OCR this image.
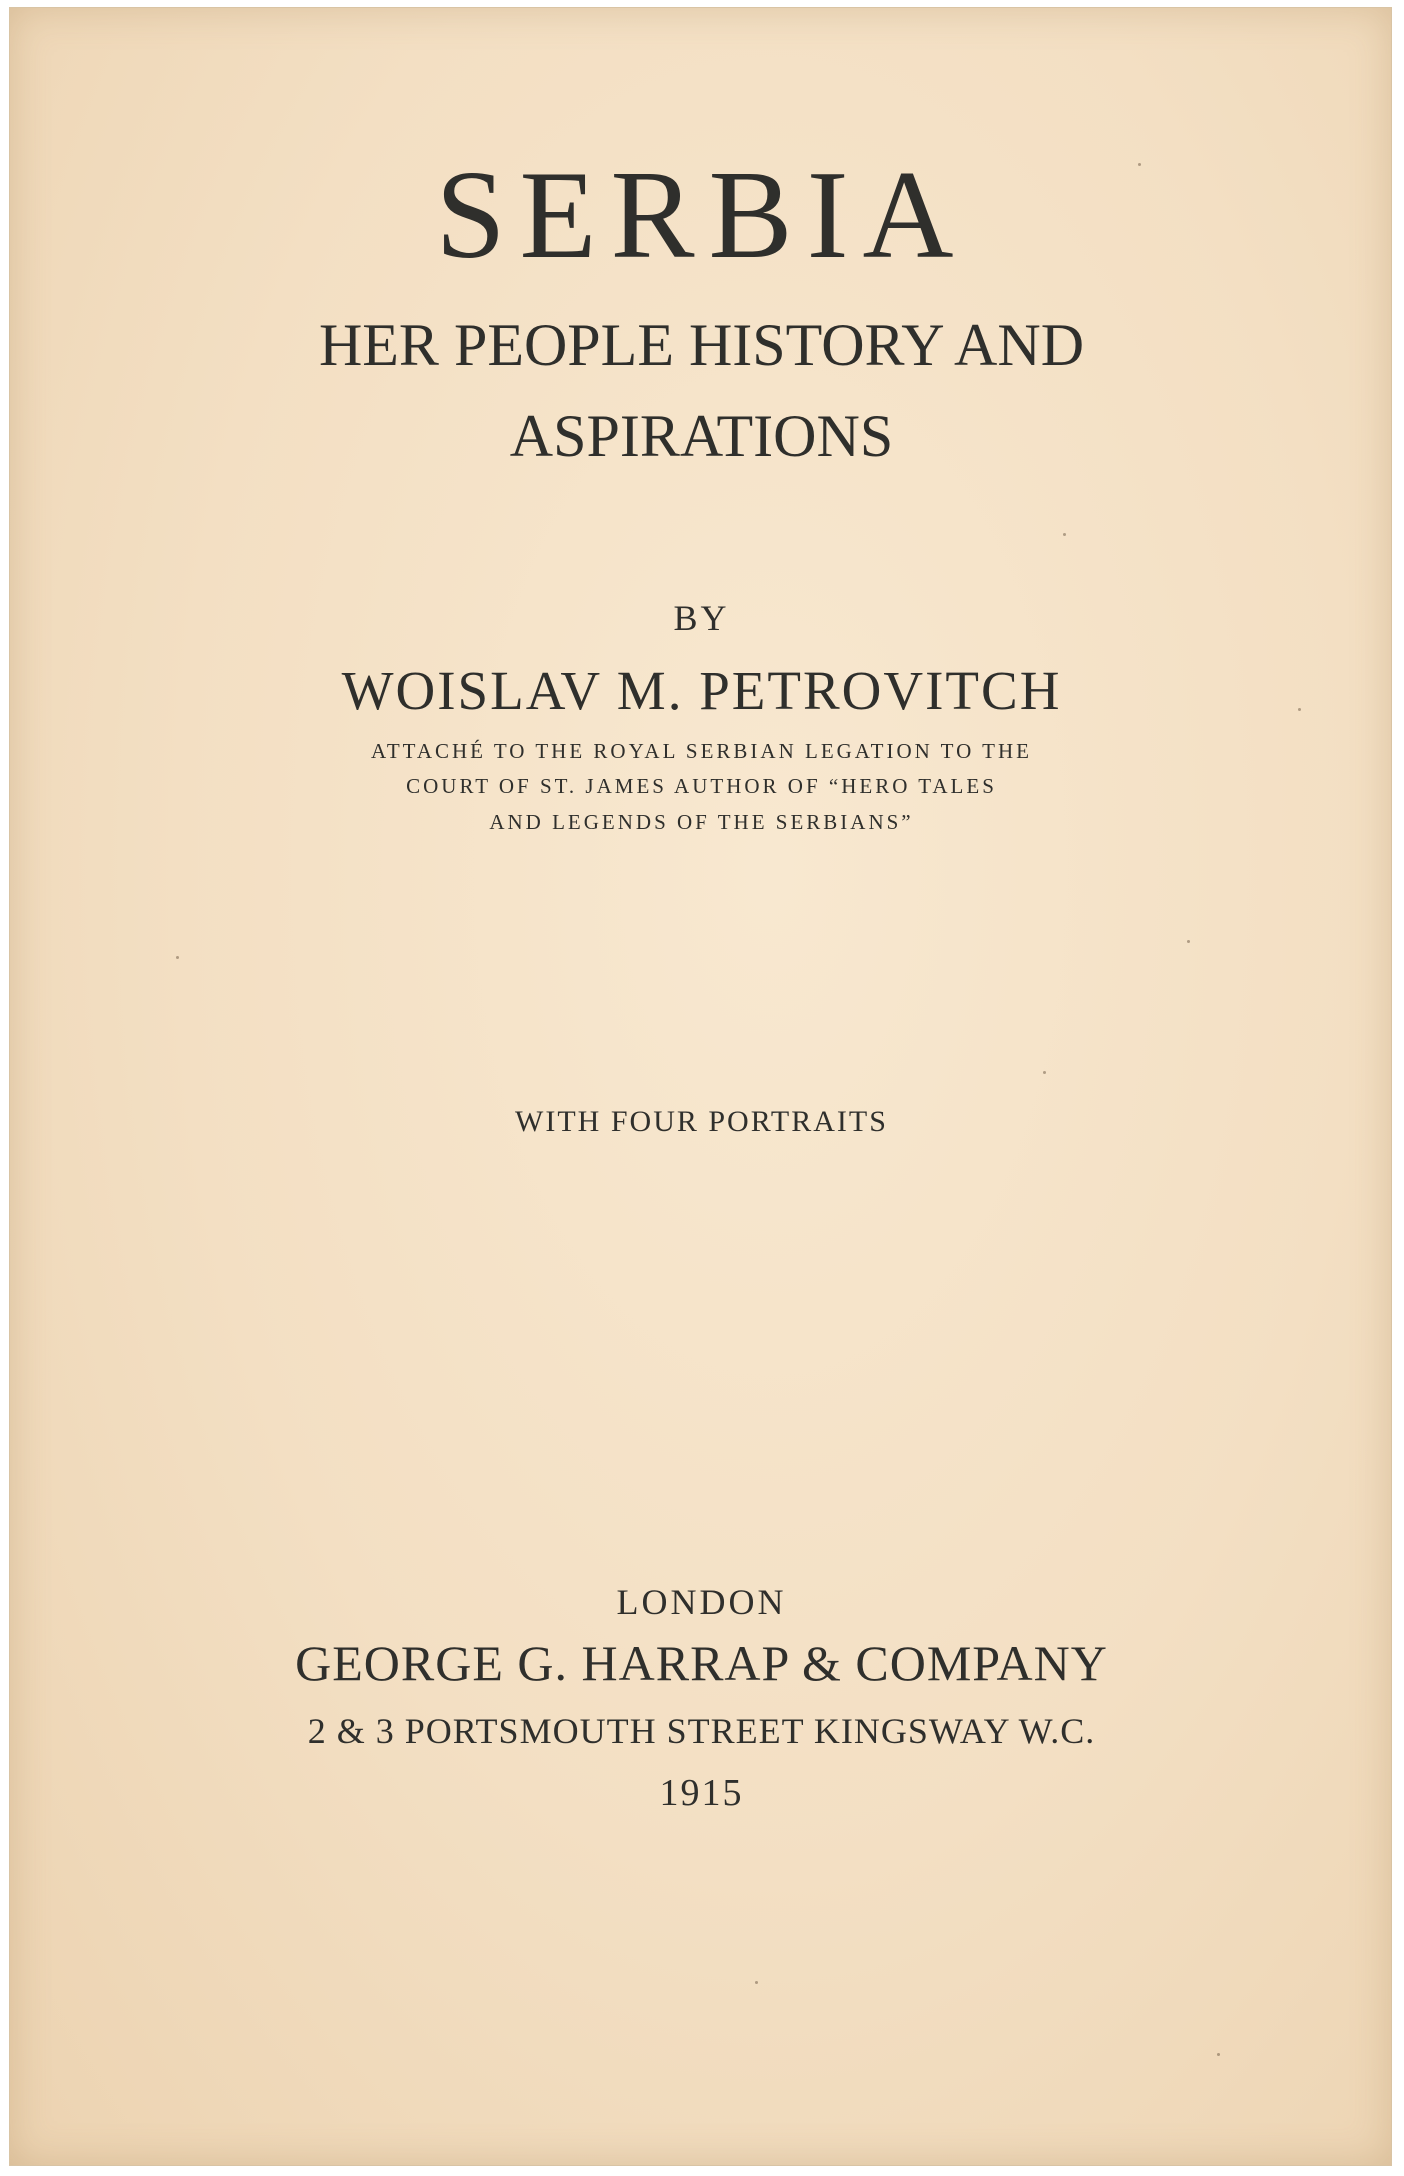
SERBIA
HER PEOPLE HISTORY AND
ASPIRATIONS
BY
WOISLAV M. PETROVITCH
ATTACHÉ TO THE ROYAL SERBIAN LEGATION TO THE
COURT OF ST. JAMES AUTHOR OF “HERO TALES
AND LEGENDS OF THE SERBIANS”
WITH FOUR PORTRAITS
LONDON
GEORGE G. HARRAP & COMPANY
2 & 3 PORTSMOUTH STREET KINGSWAY W.C.
1915
